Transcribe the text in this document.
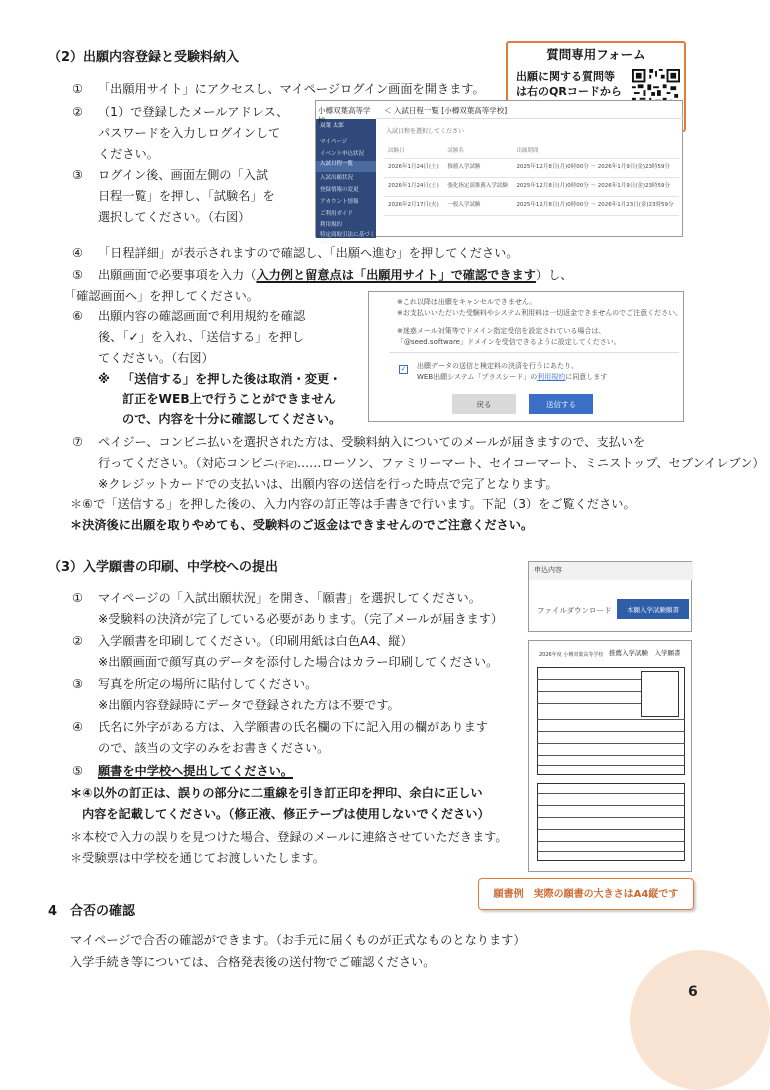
（2）出願内容登録と受験料納入
① 「出願用サイト」にアクセスし、マイページログイン画面を開きます。
② （1）で登録したメールアドレス、
パスワードを入力しログインして
ください。
③ ログイン後、画面左側の「入試
日程一覧」を押し、「試験名」を
選択してください。（右図）
④ 「日程詳細」が表示されますので確認し、「出願へ進む」を押してください。
⑤ 出願画面で必要事項を入力（入力例と留意点は「出願用サイト」で確認できます）し、
「確認画面へ」を押してください。
⑥ 出願内容の確認画面で利用規約を確認
後、「✓」を入れ、「送信する」を押し
てください。（右図）
※ 「送信する」を押した後は取消・変更・
訂正をWEB上で行うことができません
ので、内容を十分に確認してください。
⑦ ペイジー、コンビニ払いを選択された方は、受験料納入についてのメールが届きますので、支払いを
行ってください。（対応コンビニ(予定)……ローソン、ファミリーマート、セイコーマート、ミニストップ、セブンイレブン）
※クレジットカードでの支払いは、出願内容の送信を行った時点で完了となります。
＊⑥で「送信する」を押した後の、入力内容の訂正等は手書きで行います。下記（3）をご覧ください。
＊決済後に出願を取りやめても、受験料のご返金はできませんのでご注意ください。
質問専用フォーム
出願に関する質問等
は右のQRコードから
小樽双葉高等学校
双葉 太郎
マイページ
イベント申込状況
入試日程一覧
入試出願状況
登録情報の変更
アカウント情報
ご利用ガイド
利用規約
特定商取引法に基づく表記
＜ 入試日程一覧 [小樽双葉高等学校]
入試日程を選択してください
試験日	試験名	出願期間
2026年1月24日(土)	推薦入学試験	2025年12月8日(月)0時00分 ～ 2026年1月9日(金)23時59分
2026年1月24日(土)	強化指定部推薦入学試験	2025年12月8日(月)0時00分 ～ 2026年1月9日(金)23時59分
2026年2月17日(火)	一般入学試験	2025年12月8日(月)0時00分 ～ 2026年1月23日(金)23時59分
※これ以降は出願をキャンセルできません。
※お支払いいただいた受験料やシステム利用料は一切返金できませんのでご注意ください。
※迷惑メール対策等でドメイン指定受信を設定されている場合は、
「@seed.software」ドメインを受信できるように設定してください。
✓ 出願データの送信と検定料の決済を行うにあたり、
WEB出願システム「プラスシード」の利用規約に同意します
戻る	送信する
（3）入学願書の印刷、中学校への提出
① マイページの「入試出願状況」を開き、「願書」を選択してください。
※受験料の決済が完了している必要があります。（完了メールが届きます）
② 入学願書を印刷してください。（印刷用紙は白色A4、縦）
※出願画面で顔写真のデータを添付した場合はカラー印刷してください。
③ 写真を所定の場所に貼付してください。
※出願内容登録時にデータで登録された方は不要です。
④ 氏名に外字がある方は、入学願書の氏名欄の下に記入用の欄があります
ので、該当の文字のみをお書きください。
⑤ 願書を中学校へ提出してください。
＊④以外の訂正は、誤りの部分に二重線を引き訂正印を押印、余白に正しい
内容を記載してください。（修正液、修正テープは使用しないでください）
＊本校で入力の誤りを見つけた場合、登録のメールに連絡させていただきます。
＊受験票は中学校を通じてお渡しいたします。
申込内容
ファイルダウンロード	本願入学試験願書
2026年度 小樽双葉高等学校 推薦入学試験　入学願書
願書例　実際の願書の大きさはA4縦です
4　合否の確認
マイページで合否の確認ができます。（お手元に届くものが正式なものとなります）
入学手続き等については、合格発表後の送付物でご確認ください。
6
